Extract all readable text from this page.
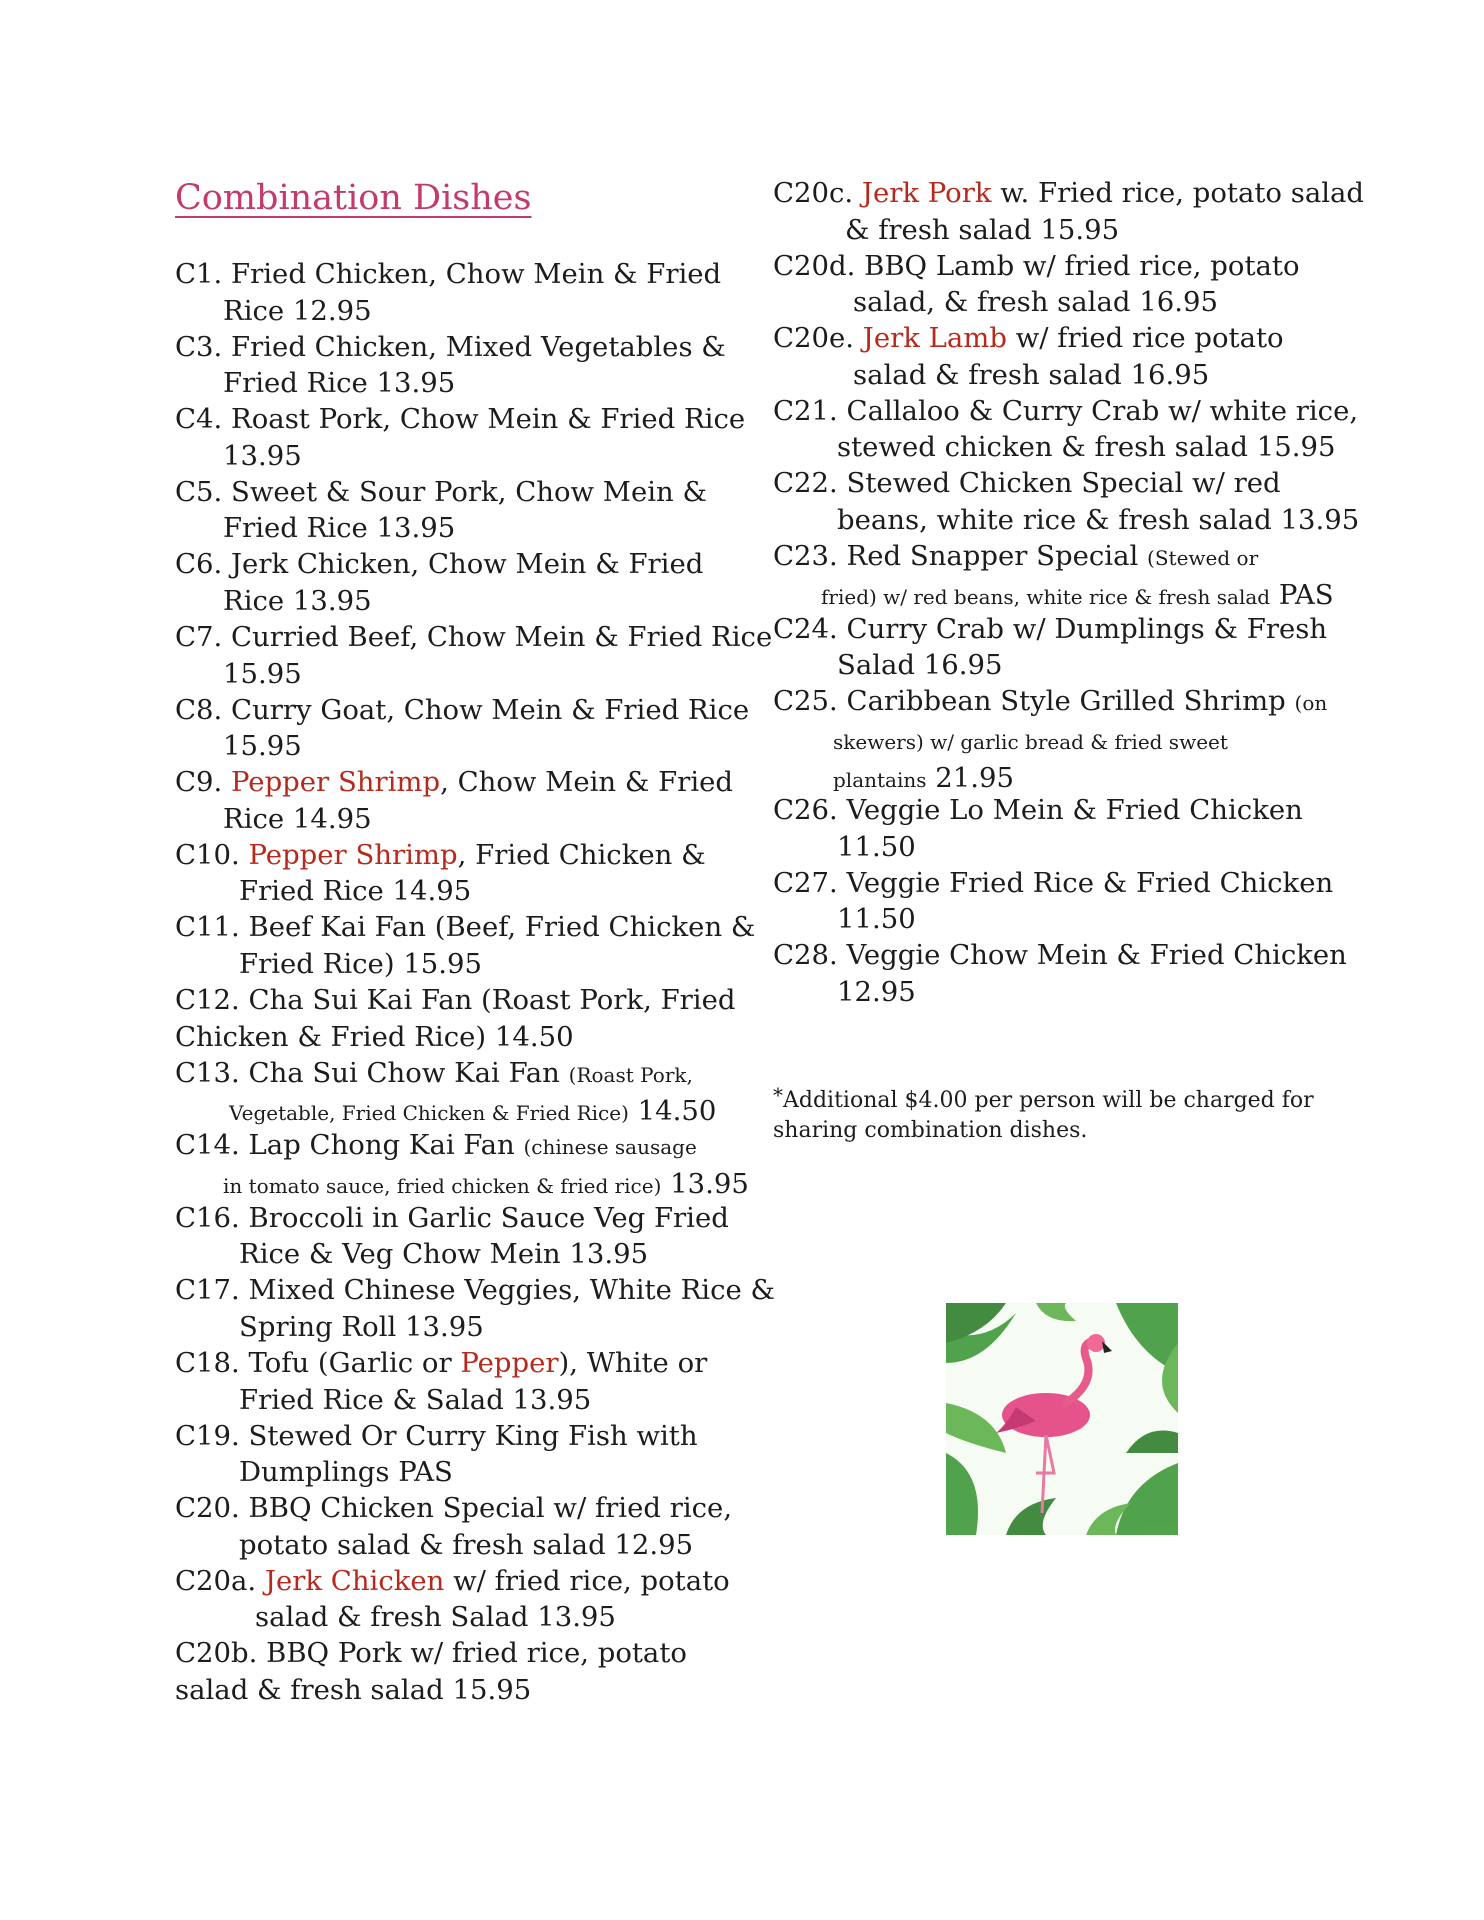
Combination Dishes
C1. Fried Chicken, Chow Mein & Fried
Rice 12.95
C3. Fried Chicken, Mixed Vegetables &
Fried Rice 13.95
C4. Roast Pork, Chow Mein & Fried Rice
13.95
C5. Sweet & Sour Pork, Chow Mein &
Fried Rice 13.95
C6. Jerk Chicken, Chow Mein & Fried
Rice 13.95
C7. Curried Beef, Chow Mein & Fried Rice
15.95
C8. Curry Goat, Chow Mein & Fried Rice
15.95
C9. Pepper Shrimp, Chow Mein & Fried
Rice 14.95
C10. Pepper Shrimp, Fried Chicken &
Fried Rice 14.95
C11. Beef Kai Fan (Beef, Fried Chicken &
Fried Rice) 15.95
C12. Cha Sui Kai Fan (Roast Pork, Fried
Chicken & Fried Rice) 14.50
C13. Cha Sui Chow Kai Fan (Roast Pork,
Vegetable, Fried Chicken & Fried Rice) 14.50
C14. Lap Chong Kai Fan (chinese sausage
in tomato sauce, fried chicken & fried rice) 13.95
C16. Broccoli in Garlic Sauce Veg Fried
Rice & Veg Chow Mein 13.95
C17. Mixed Chinese Veggies, White Rice &
Spring Roll 13.95
C18. Tofu (Garlic or Pepper), White or
Fried Rice & Salad 13.95
C19. Stewed Or Curry King Fish with
Dumplings PAS
C20. BBQ Chicken Special w/ fried rice,
potato salad & fresh salad 12.95
C20a. Jerk Chicken w/ fried rice, potato
salad & fresh Salad 13.95
C20b. BBQ Pork w/ fried rice, potato
salad & fresh salad 15.95
C20c. Jerk Pork w. Fried rice, potato salad
& fresh salad 15.95
C20d. BBQ Lamb w/ fried rice, potato
salad, & fresh salad 16.95
C20e. Jerk Lamb w/ fried rice potato
salad & fresh salad 16.95
C21. Callaloo & Curry Crab w/ white rice,
stewed chicken & fresh salad 15.95
C22. Stewed Chicken Special w/ red
beans, white rice & fresh salad 13.95
C23. Red Snapper Special (Stewed or
fried) w/ red beans, white rice & fresh salad PAS
C24. Curry Crab w/ Dumplings & Fresh
Salad 16.95
C25. Caribbean Style Grilled Shrimp (on
skewers) w/ garlic bread & fried sweet
plantains 21.95
C26. Veggie Lo Mein & Fried Chicken
11.50
C27. Veggie Fried Rice & Fried Chicken
11.50
C28. Veggie Chow Mein & Fried Chicken
12.95

*Additional $4.00 per person will be charged for
sharing combination dishes.
